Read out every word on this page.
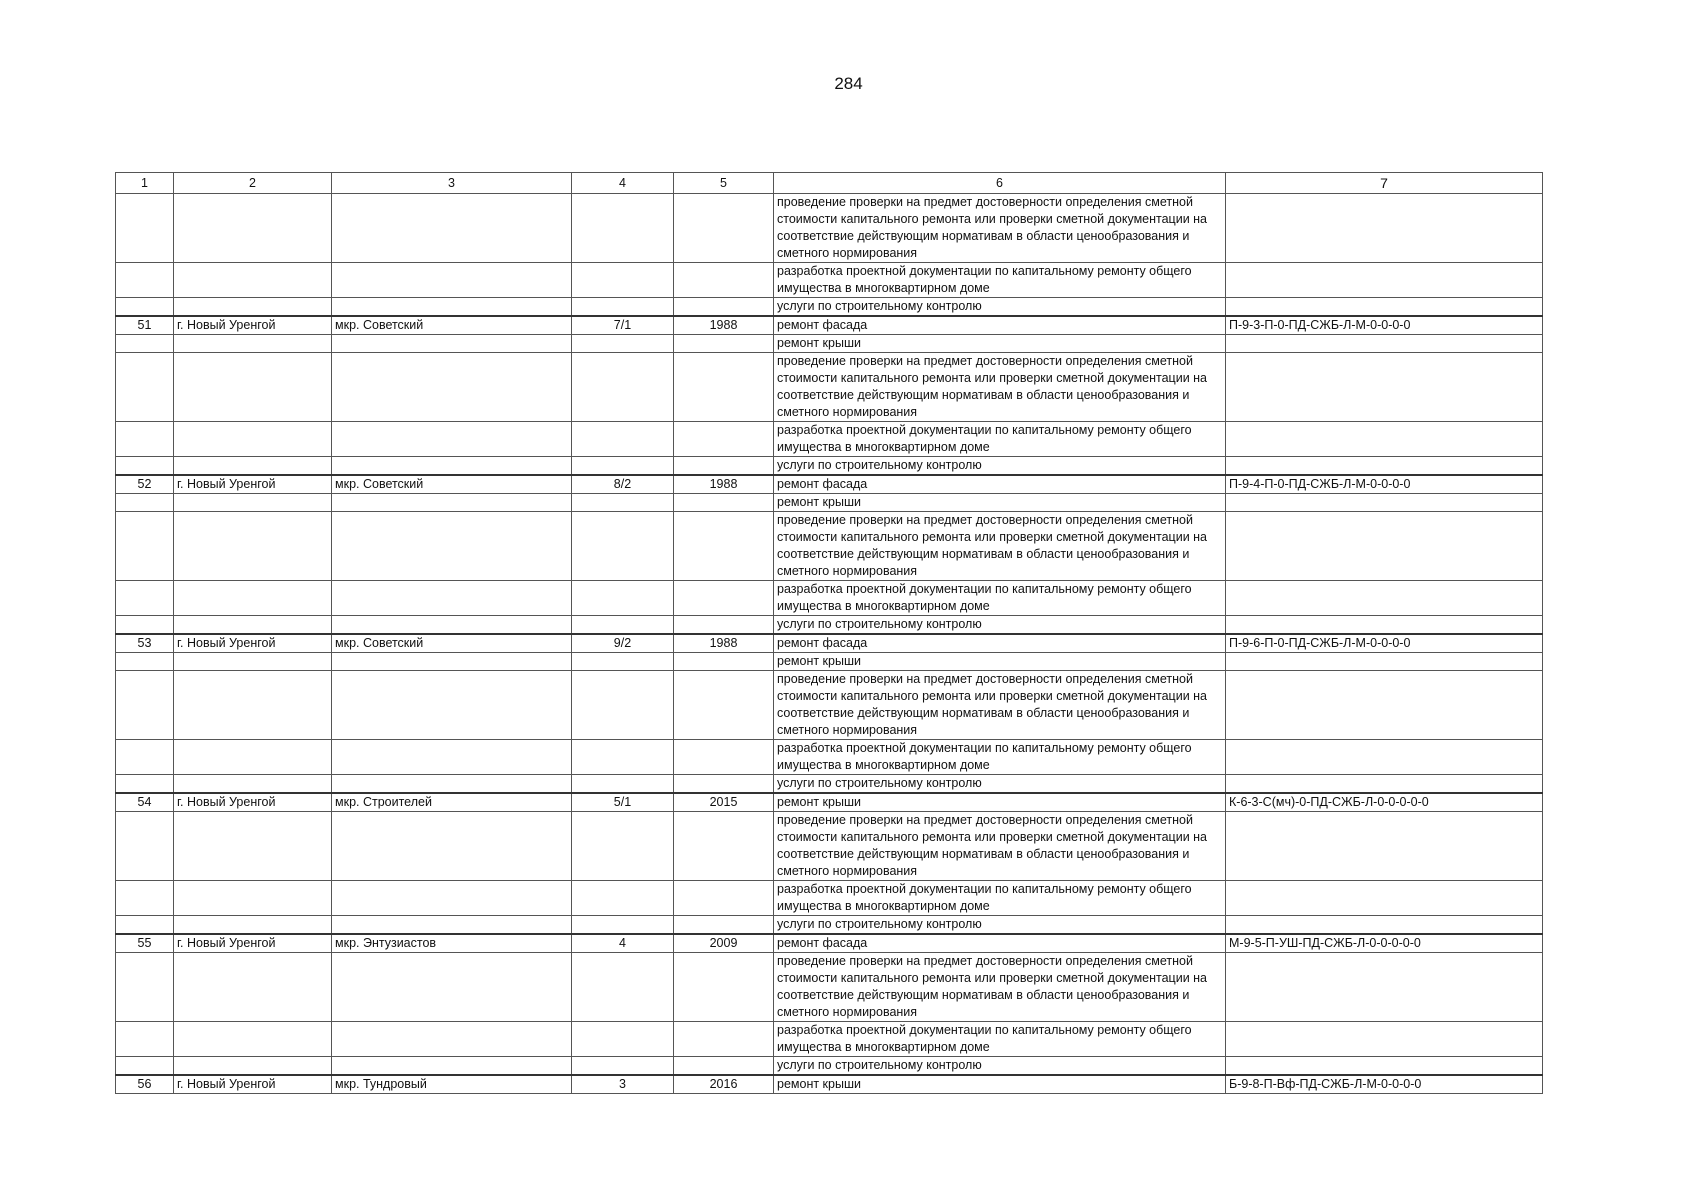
284
1	2	3	4	5	6	7
					проведение проверки на предмет достоверности определения сметной стоимости капитального ремонта или проверки сметной документации на соответствие действующим нормативам в области ценообразования и сметного нормирования	
					разработка проектной документации по капитальному ремонту общего имущества в многоквартирном доме	
					услуги по строительному контролю	
51	г. Новый Уренгой	мкр. Советский	7/1	1988	ремонт фасада	П-9-3-П-0-ПД-СЖБ-Л-М-0-0-0-0
					ремонт крыши	
					проведение проверки на предмет достоверности определения сметной стоимости капитального ремонта или проверки сметной документации на соответствие действующим нормативам в области ценообразования и сметного нормирования	
					разработка проектной документации по капитальному ремонту общего имущества в многоквартирном доме	
					услуги по строительному контролю	
52	г. Новый Уренгой	мкр. Советский	8/2	1988	ремонт фасада	П-9-4-П-0-ПД-СЖБ-Л-М-0-0-0-0
					ремонт крыши	
					проведение проверки на предмет достоверности определения сметной стоимости капитального ремонта или проверки сметной документации на соответствие действующим нормативам в области ценообразования и сметного нормирования	
					разработка проектной документации по капитальному ремонту общего имущества в многоквартирном доме	
					услуги по строительному контролю	
53	г. Новый Уренгой	мкр. Советский	9/2	1988	ремонт фасада	П-9-6-П-0-ПД-СЖБ-Л-М-0-0-0-0
					ремонт крыши	
					проведение проверки на предмет достоверности определения сметной стоимости капитального ремонта или проверки сметной документации на соответствие действующим нормативам в области ценообразования и сметного нормирования	
					разработка проектной документации по капитальному ремонту общего имущества в многоквартирном доме	
					услуги по строительному контролю	
54	г. Новый Уренгой	мкр. Строителей	5/1	2015	ремонт крыши	К-6-3-С(мч)-0-ПД-СЖБ-Л-0-0-0-0-0
					проведение проверки на предмет достоверности определения сметной стоимости капитального ремонта или проверки сметной документации на соответствие действующим нормативам в области ценообразования и сметного нормирования	
					разработка проектной документации по капитальному ремонту общего имущества в многоквартирном доме	
					услуги по строительному контролю	
55	г. Новый Уренгой	мкр. Энтузиастов	4	2009	ремонт фасада	М-9-5-П-УШ-ПД-СЖБ-Л-0-0-0-0-0
					проведение проверки на предмет достоверности определения сметной стоимости капитального ремонта или проверки сметной документации на соответствие действующим нормативам в области ценообразования и сметного нормирования	
					разработка проектной документации по капитальному ремонту общего имущества в многоквартирном доме	
					услуги по строительному контролю	
56	г. Новый Уренгой	мкр. Тундровый	3	2016	ремонт крыши	Б-9-8-П-Вф-ПД-СЖБ-Л-М-0-0-0-0
